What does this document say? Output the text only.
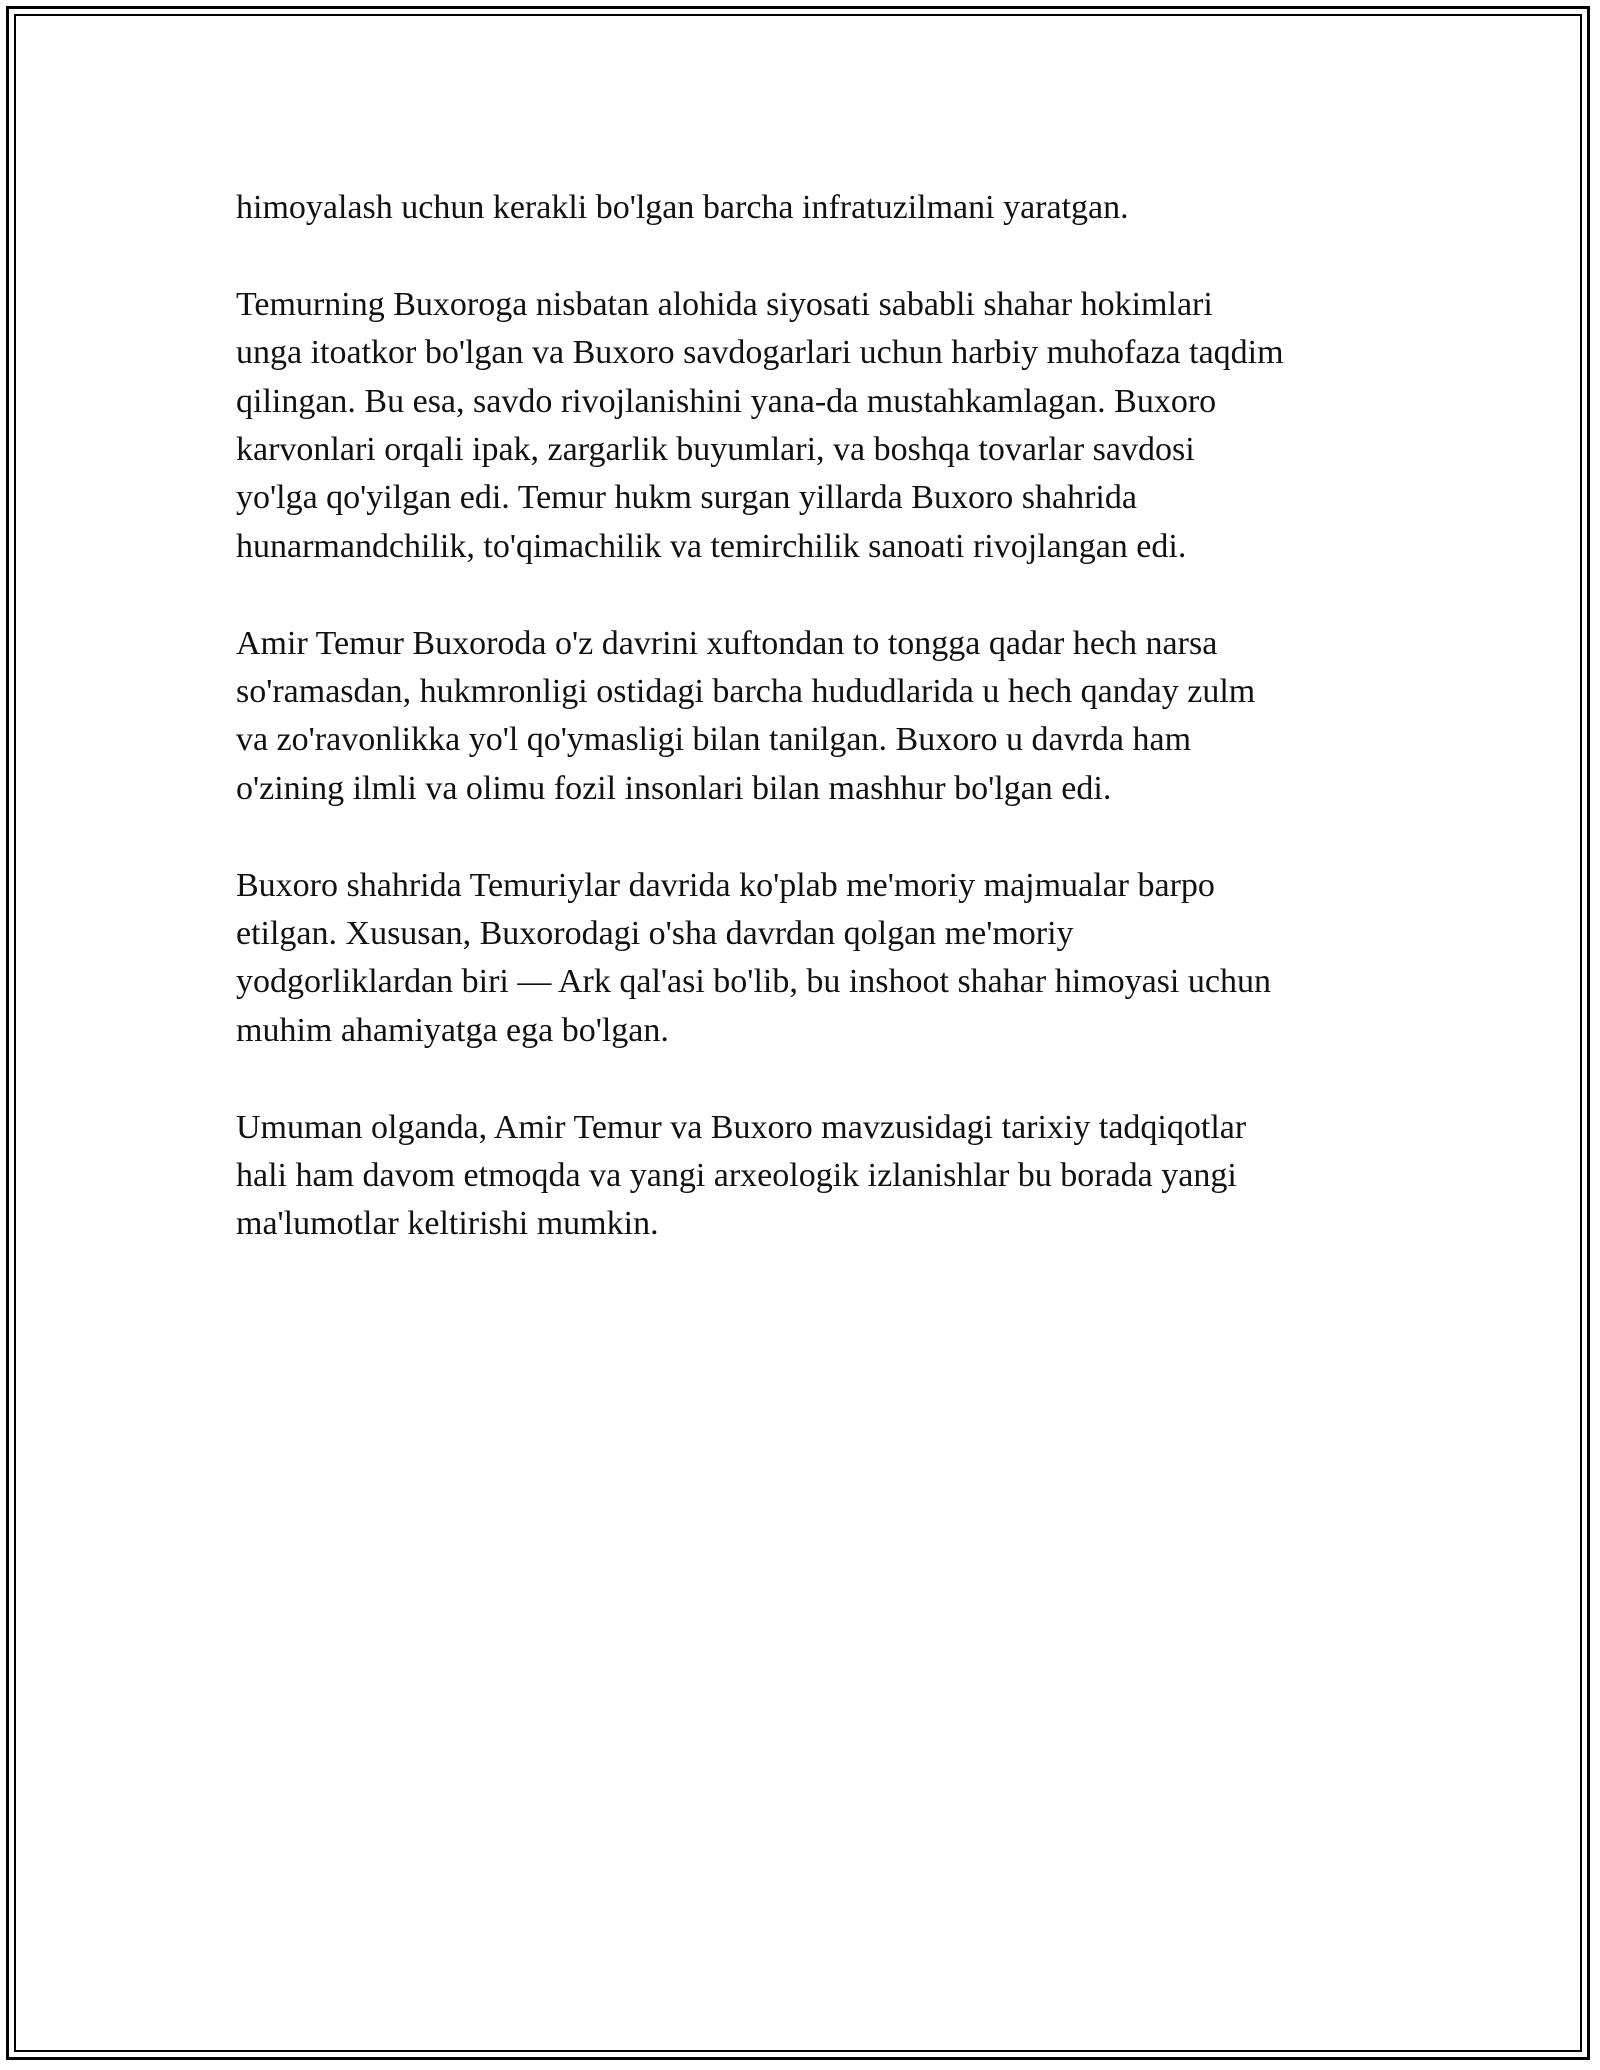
himoyalash uchun kerakli bo'lgan barcha infratuzilmani yaratgan.

Temurning Buxoroga nisbatan alohida siyosati sababli shahar hokimlari
unga itoatkor bo'lgan va Buxoro savdogarlari uchun harbiy muhofaza taqdim
qilingan. Bu esa, savdo rivojlanishini yana-da mustahkamlagan. Buxoro
karvonlari orqali ipak, zargarlik buyumlari, va boshqa tovarlar savdosi
yo'lga qo'yilgan edi. Temur hukm surgan yillarda Buxoro shahrida
hunarmandchilik, to'qimachilik va temirchilik sanoati rivojlangan edi.

Amir Temur Buxoroda o'z davrini xuftondan to tongga qadar hech narsa
so'ramasdan, hukmronligi ostidagi barcha hududlarida u hech qanday zulm
va zo'ravonlikka yo'l qo'ymasligi bilan tanilgan. Buxoro u davrda ham
o'zining ilmli va olimu fozil insonlari bilan mashhur bo'lgan edi.

Buxoro shahrida Temuriylar davrida ko'plab me'moriy majmualar barpo
etilgan. Xususan, Buxorodagi o'sha davrdan qolgan me'moriy
yodgorliklardan biri — Ark qal'asi bo'lib, bu inshoot shahar himoyasi uchun
muhim ahamiyatga ega bo'lgan.

Umuman olganda, Amir Temur va Buxoro mavzusidagi tarixiy tadqiqotlar
hali ham davom etmoqda va yangi arxeologik izlanishlar bu borada yangi
ma'lumotlar keltirishi mumkin.
